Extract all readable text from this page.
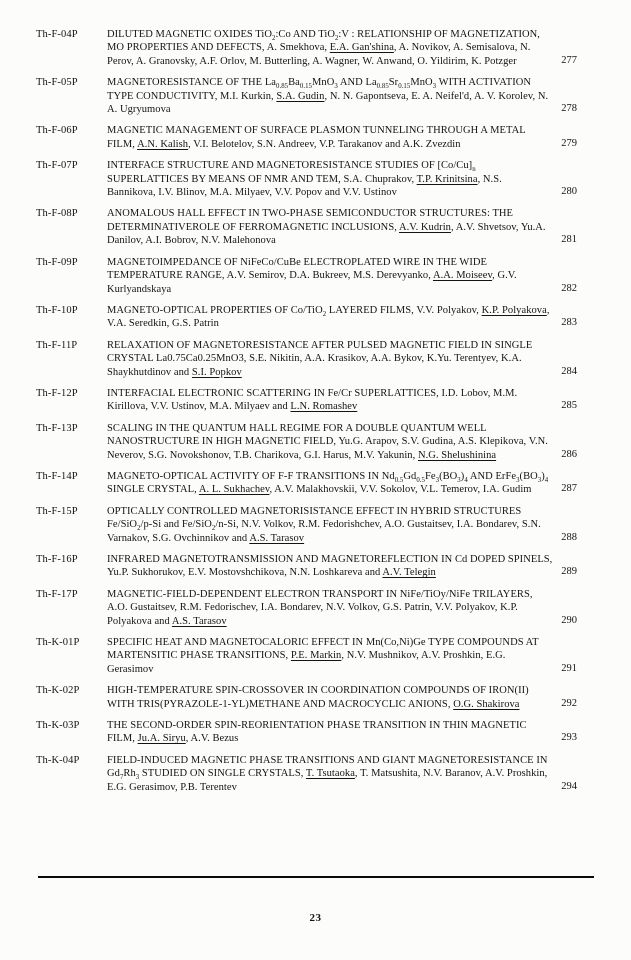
Th-F-04P	DILUTED MAGNETIC OXIDES TiO$_2$:Co AND TiO$_2$:V : RELATIONSHIP OF MAGNETIZATION, MO PROPERTIES AND DEFECTS, A. Smekhova, E.A. Gan'shina, A. Novikov, A. Semisalova, N. Perov, A. Granovsky, A.F. Orlov, M. Butterling, A. Wagner, W. Anwand, O. Yildirim, K. Potzger	277
Th-F-05P	MAGNETORESISTANCE OF THE $La_{0.85}Ba_{0.15}MnO_3$ AND $La_{0.85}Sr_{0.15}MnO_3$ WITH ACTIVATION TYPE CONDUCTIVITY, M.I. Kurkin, S.A. Gudin, N. N. Gapontseva, E. A. Neifel'd, A. V. Korolev, N. A. Ugryumova	278
Th-F-06P	MAGNETIC MANAGEMENT OF SURFACE PLASMON TUNNELING THROUGH A METAL FILM, A.N. Kalish, V.I. Belotelov, S.N. Andreev, V.P. Tarakanov and A.K. Zvezdin	279
Th-F-07P	INTERFACE STRUCTURE AND MAGNETORESISTANCE STUDIES OF $[Co/Cu]_n$ SUPERLATTICES BY MEANS OF NMR AND TEM, S.A. Chuprakov, T.P. Krinitsina, N.S. Bannikova, I.V. Blinov, M.A. Milyaev, V.V. Popov and V.V. Ustinov	280
Th-F-08P	ANOMALOUS HALL EFFECT IN TWO-PHASE SEMICONDUCTOR STRUCTURES: THE DETERMINATIVEROLE OF FERROMAGNETIC INCLUSIONS, A.V. Kudrin, A.V. Shvetsov, Yu.A. Danilov, A.I. Bobrov, N.V. Malehonova	281
Th-F-09P	MAGNETOIMPEDANCE OF NiFeCo/CuBe ELECTROPLATED WIRE IN THE WIDE TEMPERATURE RANGE, A.V. Semirov, D.A. Bukreev, M.S. Derevyanko, A.A. Moiseev, G.V. Kurlyandskaya	282
Th-F-10P	MAGNETO-OPTICAL PROPERTIES OF Co/TiO$_2$ LAYERED FILMS, V.V. Polyakov, K.P. Polyakova, V.A. Seredkin, G.S. Patrin	283
Th-F-11P	RELAXATION OF MAGNETORESISTANCE AFTER PULSED MAGNETIC FIELD IN SINGLE CRYSTAL La0.75Ca0.25MnO3, S.E. Nikitin, A.A. Krasikov, A.A. Bykov, K.Yu. Terentyev, K.A. Shaykhutdinov and S.I. Popkov	284
Th-F-12P	INTERFACIAL ELECTRONIC SCATTERING IN Fe/Cr SUPERLATTICES, I.D. Lobov, M.M. Kirillova, V.V. Ustinov, M.A. Milyaev and L.N. Romashev	285
Th-F-13P	SCALING IN THE QUANTUM HALL REGIME FOR A DOUBLE QUANTUM WELL NANOSTRUCTURE IN HIGH MAGNETIC FIELD, Yu.G. Arapov, S.V. Gudina, A.S. Klepikova, V.N. Neverov, S.G. Novokshonov, T.B. Charikova, G.I. Harus, M.V. Yakunin, N.G. Shelushinina	286
Th-F-14P	MAGNETO-OPTICAL ACTIVITY OF F-F TRANSITIONS IN $Nd_{0.5}Gd_{0.5}Fe_3(BO_3)_4$ AND $ErFe_3(BO_3)_4$ SINGLE CRYSTAL, A. L. Sukhachev, A.V. Malakhovskii, V.V. Sokolov, V.L. Temerov, I.A. Gudim	287
Th-F-15P	OPTICALLY CONTROLLED MAGNETORISISTANCE EFFECT IN HYBRID STRUCTURES Fe/SiO$_2$/p-Si and Fe/SiO$_2$/n-Si, N.V. Volkov, R.M. Fedorishchev, A.O. Gustaitsev, I.A. Bondarev, S.N. Varnakov, S.G. Ovchinnikov and A.S. Tarasov	288
Th-F-16P	INFRARED MAGNETOTRANSMISSION AND MAGNETOREFLECTION IN Cd DOPED SPINELS, Yu.P. Sukhorukov, E.V. Mostovshchikova, N.N. Loshkareva and A.V. Telegin	289
Th-F-17P	MAGNETIC-FIELD-DEPENDENT ELECTRON TRANSPORT IN NiFe/TiOy/NiFe TRILAYERS, A.O. Gustaitsev, R.M. Fedorischev, I.A. Bondarev, N.V. Volkov, G.S. Patrin, V.V. Polyakov, K.P. Polyakova and A.S. Tarasov	290
Th-K-01P	SPECIFIC HEAT AND MAGNETOCALORIC EFFECT IN Mn(Co,Ni)Ge TYPE COMPOUNDS AT MARTENSITIC PHASE TRANSITIONS, P.E. Markin, N.V. Mushnikov, A.V. Proshkin, E.G. Gerasimov	291
Th-K-02P	HIGH-TEMPERATURE SPIN-CROSSOVER IN COORDINATION COMPOUNDS OF IRON(II) WITH TRIS(PYRAZOLE-1-YL)METHANE AND MACROCYCLIC ANIONS, O.G. Shakirova	292
Th-K-03P	THE SECOND-ORDER SPIN-REORIENTATION PHASE TRANSITION IN THIN MAGNETIC FILM, Ju.A. Siryu, A.V. Bezus	293
Th-K-04P	FIELD-INDUCED MAGNETIC PHASE TRANSITIONS AND GIANT MAGNETORESISTANCE IN $Gd_7Rh_3$ STUDIED ON SINGLE CRYSTALS, T. Tsutaoka, T. Matsushita, N.V. Baranov, A.V. Proshkin, E.G. Gerasimov, P.B. Terentev	294
23
